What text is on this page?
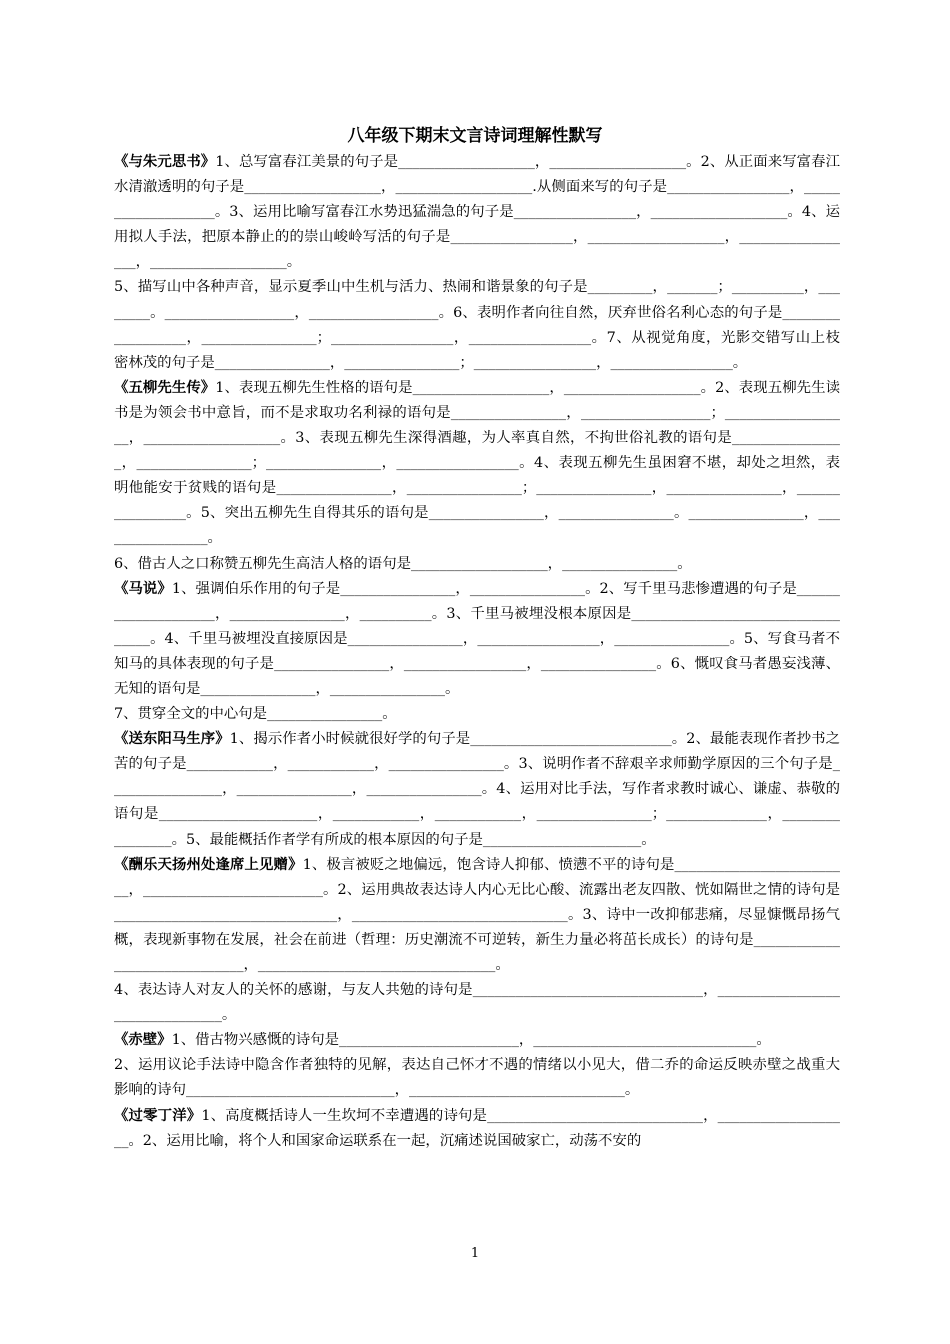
八年级下期末文言诗词理解性默写

《与朱元思书》1、总写富春江美景的句子是___________________，___________________。2、从正面来写富春江水清澈透明的句子是___________________，___________________.从侧面来写的句子是_________________，___________________。3、运用比喻写富春江水势迅猛湍急的句子是_________________，___________________。4、运用拟人手法，把原本静止的的崇山峻岭写活的句子是_________________，___________________，_________________，___________________。

5、描写山中各种声音，显示夏季山中生机与活力、热闹和谐景象的句子是_________，_______；__________，________。__________________，__________________。6、表明作者向往自然，厌弃世俗名利心态的句子是__________________，________________；_________________，_________________。7、从视觉角度，光影交错写山上枝密林茂的句子是________________，________________；_________________，_________________。

《五柳先生传》1、表现五柳先生性格的语句是___________________，___________________。2、表现五柳先生读书是为领会书中意旨，而不是求取功名利禄的语句是________________，__________________；__________________，___________________。3、表现五柳先生深得酒趣，为人率真自然，不拘世俗礼教的语句是________________，________________；________________，_________________。4、表现五柳先生虽困窘不堪，却处之坦然，表明他能安于贫贱的语句是________________，________________；________________，________________，________________。5、突出五柳先生自得其乐的语句是________________，________________。________________，________________。

6、借古人之口称赞五柳先生高洁人格的语句是___________________，________________。

《马说》1、强调伯乐作用的句子是________________，________________。2、写千里马悲惨遭遇的句子是____________________，________________，__________。3、千里马被埋没根本原因是__________________________________。4、千里马被埋没直接原因是________________，_________________，________________。5、写食马者不知马的具体表现的句子是________________，_________________，________________。6、慨叹食马者愚妄浅薄、无知的语句是________________，________________。

7、贯穿全文的中心句是________________。

《送东阳马生序》1、揭示作者小时候就很好学的句子是____________________________。2、最能表现作者抄书之苦的句子是____________，____________，________________。3、说明作者不辞艰辛求师勤学原因的三个句子是________________，________________，________________。4、运用对比手法，写作者求教时诚心、谦虚、恭敬的语句是______________________，____________，____________，________________；______________，________________。5、最能概括作者学有所成的根本原因的句子是______________________。

《酬乐天扬州处逢席上见赠》1、极言被贬之地偏远，饱含诗人抑郁、愤懑不平的诗句是_________________________，_________________________。2、运用典故表达诗人内心无比心酸、流露出老友四散、恍如隔世之情的诗句是_______________________________，______________________________。3、诗中一改抑郁悲痛，尽显慷慨昂扬气概，表现新事物在发展，社会在前进（哲理：历史潮流不可逆转，新生力量必将茁长成长）的诗句是______________________________，_________________________________。

4、表达诗人对友人的关怀的感谢，与友人共勉的诗句是________________________________，________________________________。

《赤壁》1、借古物兴感慨的诗句是_________________________，_______________________________。

2、运用议论手法诗中隐含作者独特的见解，表达自己怀才不遇的情绪以小见大，借二乔的命运反映赤壁之战重大影响的诗句_____________________________，______________________________。

《过零丁洋》1、高度概括诗人一生坎坷不幸遭遇的诗句是______________________________，___________________。2、运用比喻，将个人和国家命运联系在一起，沉痛述说国破家亡，动荡不安的

1
